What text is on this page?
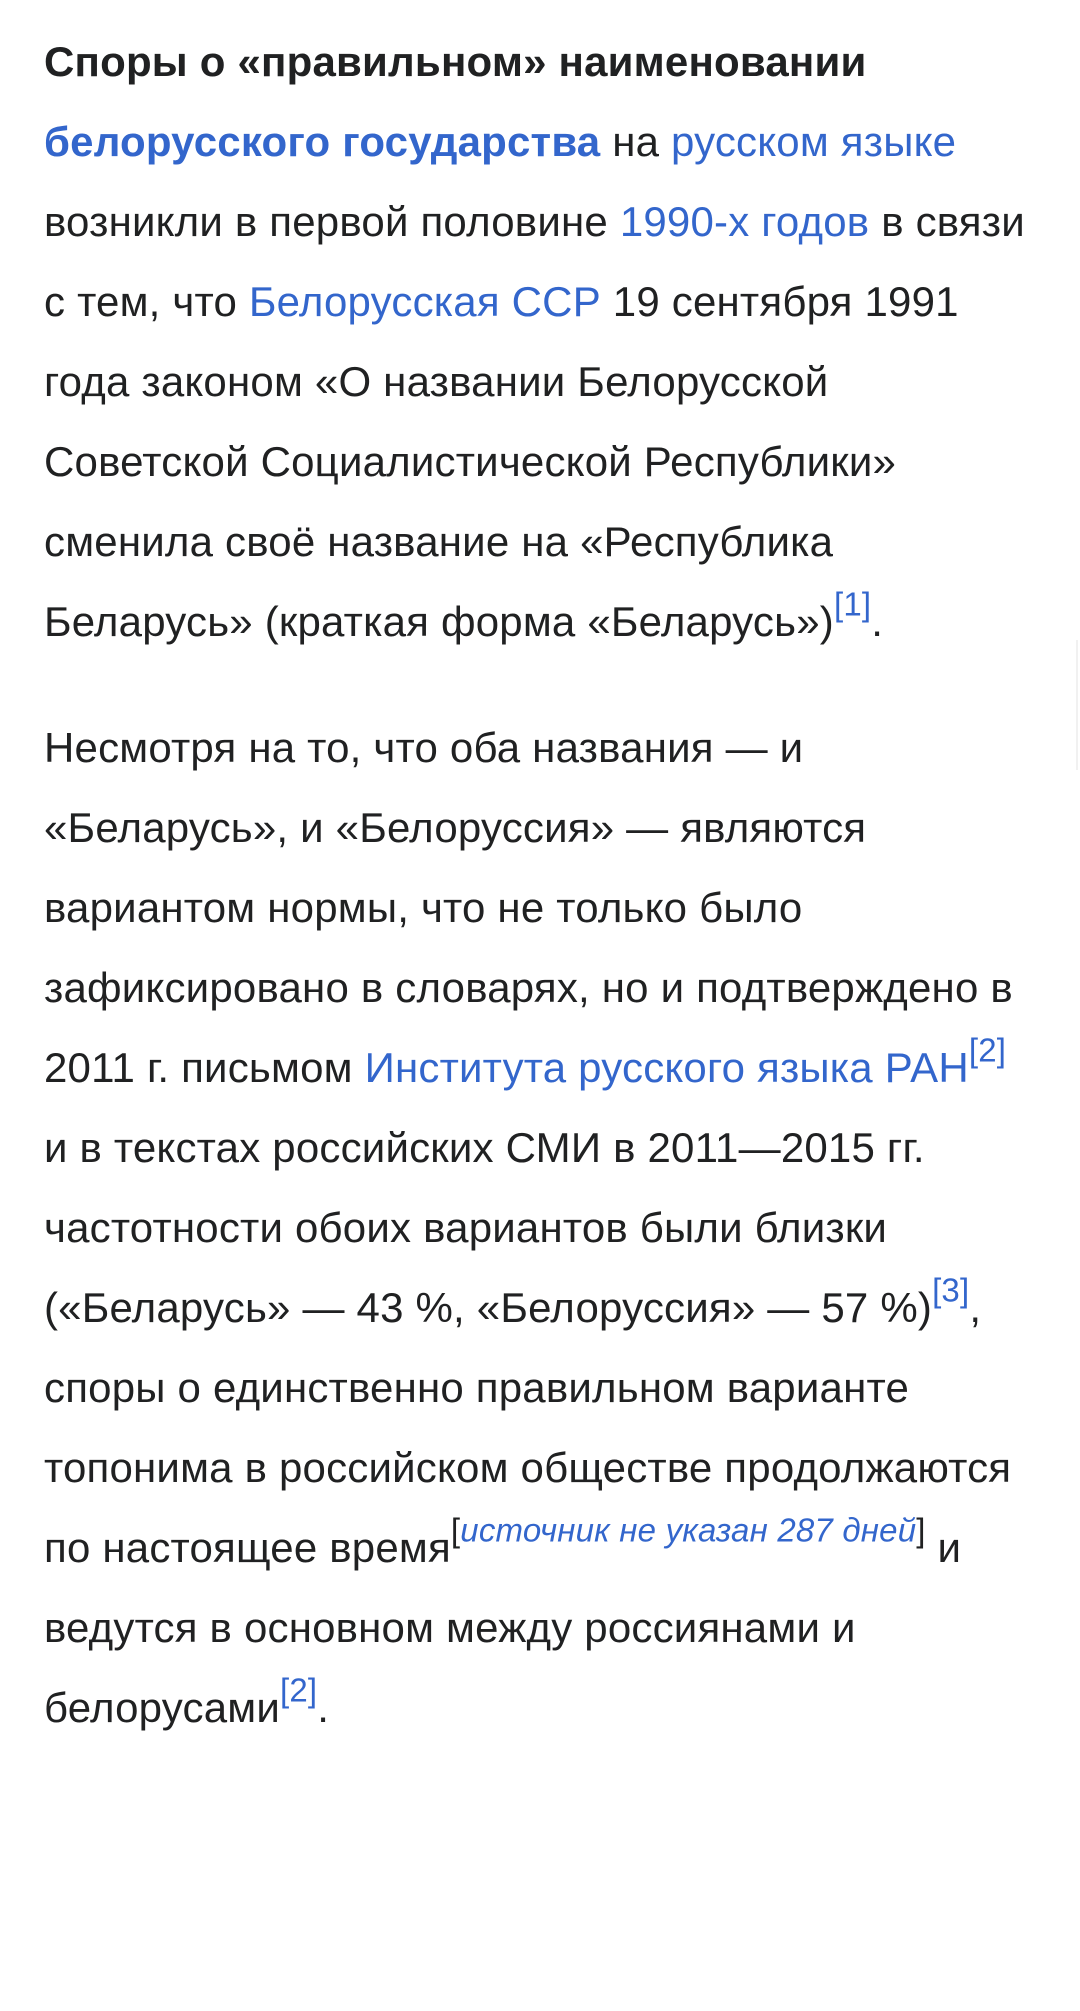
Споры о «правильном» наименовании белорусского государства на русском языке возникли в первой половине 1990-х годов в связи с тем, что Белорусская ССР 19 сентября 1991 года законом «О названии Белорусской Советской Социалистической Республики» сменила своё название на «Республика Беларусь» (краткая форма «Беларусь»)[1].

Несмотря на то, что оба названия — и «Беларусь», и «Белоруссия» — являются вариантом нормы, что не только было зафиксировано в словарях, но и подтверждено в 2011 г. письмом Института русского языка РАН[2] и в текстах российских СМИ в 2011—2015 гг. частотности обоих вариантов были близки («Беларусь» — 43 %, «Белоруссия» — 57 %)[3], споры о единственно правильном варианте топонима в российском обществе продолжаются по настоящее время[источник не указан 287 дней] и ведутся в основном между россиянами и белорусами[2].
